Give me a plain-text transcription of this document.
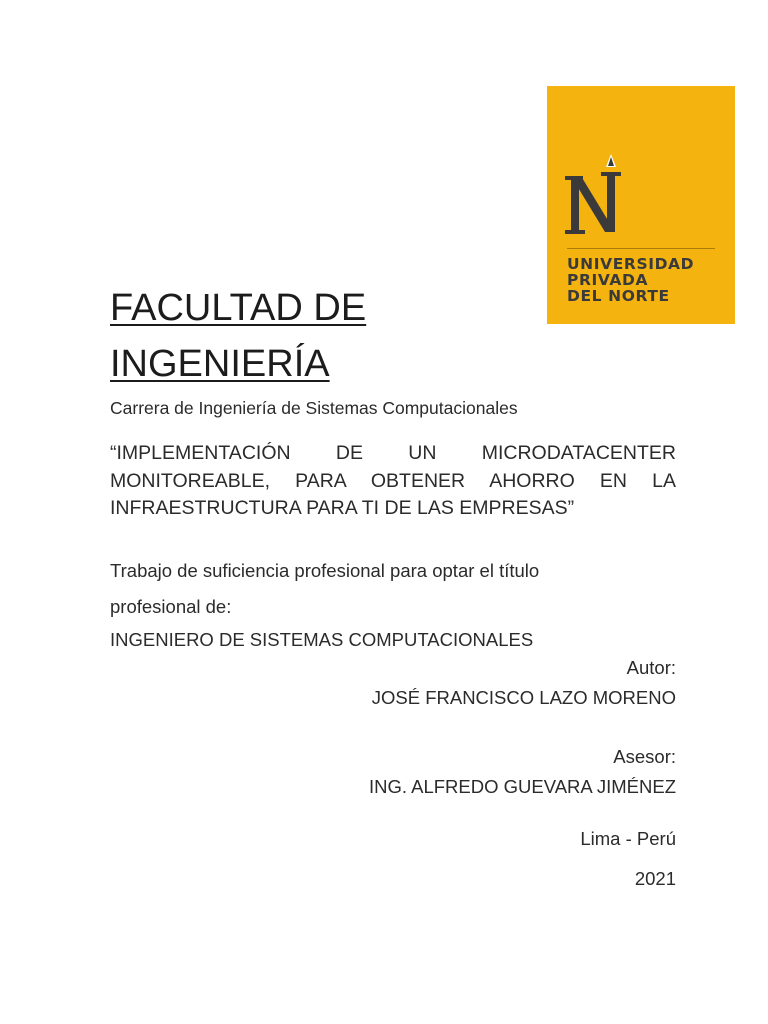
UNIVERSIDAD
PRIVADA
DEL NORTE

FACULTAD DE
INGENIERÍA

Carrera de Ingeniería de Sistemas Computacionales

“IMPLEMENTACIÓN DE UN MICRODATACENTER
MONITOREABLE, PARA OBTENER AHORRO EN LA
INFRAESTRUCTURA PARA TI DE LAS EMPRESAS”

Trabajo de suficiencia profesional para optar el título
profesional de:

INGENIERO DE SISTEMAS COMPUTACIONALES

Autor:

JOSÉ FRANCISCO LAZO MORENO

Asesor:

ING. ALFREDO GUEVARA JIMÉNEZ

Lima - Perú

2021
